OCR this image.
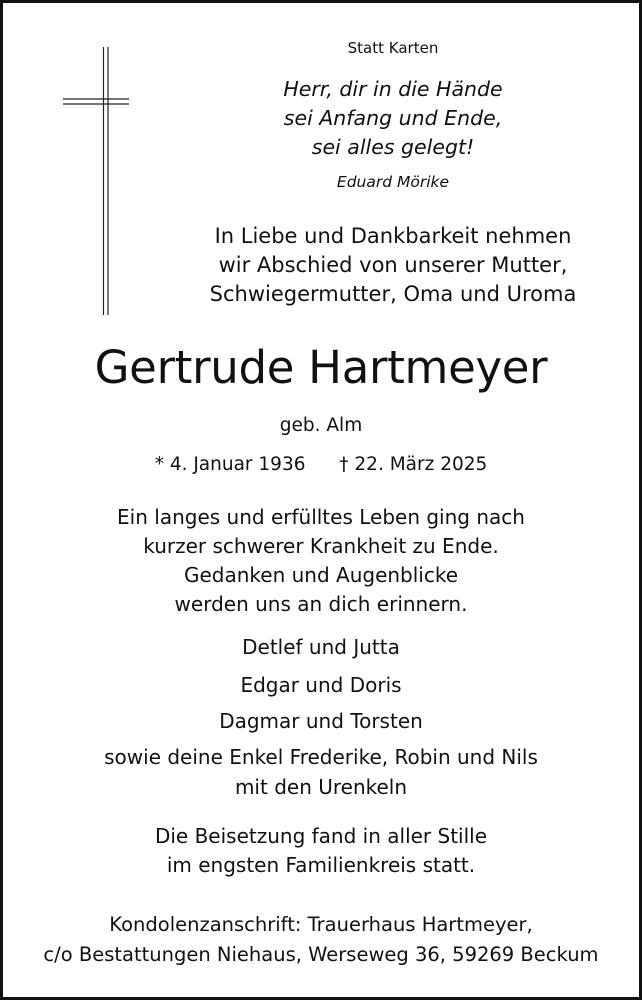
Statt Karten
Herr, dir in die Hände
sei Anfang und Ende,
sei alles gelegt!
Eduard Mörike
In Liebe und Dankbarkeit nehmen
wir Abschied von unserer Mutter,
Schwiegermutter, Oma und Uroma
Gertrude Hartmeyer
geb. Alm
* 4. Januar 1936 † 22. März 2025
Ein langes und erfülltes Leben ging nach
kurzer schwerer Krankheit zu Ende.
Gedanken und Augenblicke
werden uns an dich erinnern.
Detlef und Jutta
Edgar und Doris
Dagmar und Torsten
sowie deine Enkel Frederike, Robin und Nils
mit den Urenkeln
Die Beisetzung fand in aller Stille
im engsten Familienkreis statt.
Kondolenzanschrift: Trauerhaus Hartmeyer,
c/o Bestattungen Niehaus, Werseweg 36, 59269 Beckum
